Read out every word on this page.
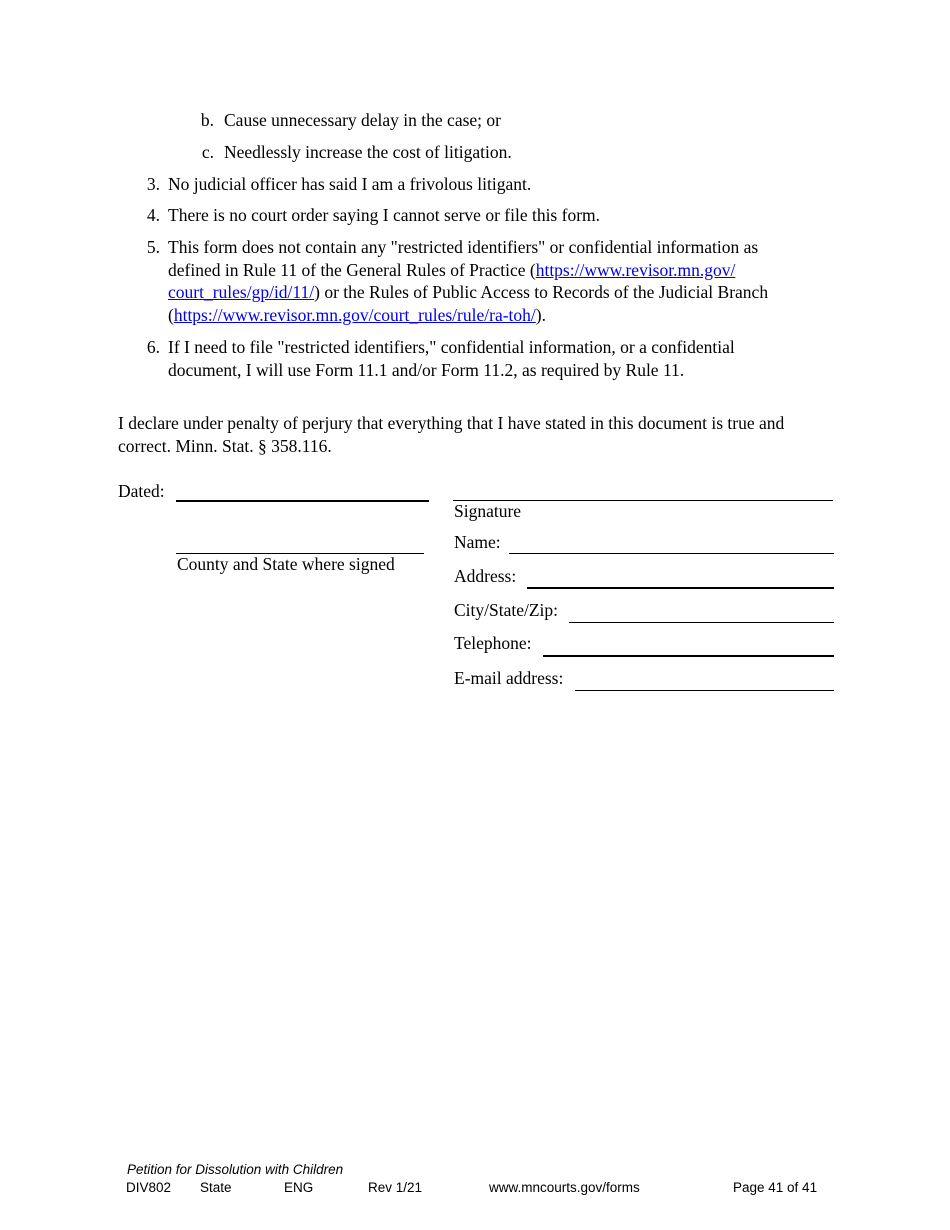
b. Cause unnecessary delay in the case; or
c. Needlessly increase the cost of litigation.
3. No judicial officer has said I am a frivolous litigant.
4. There is no court order saying I cannot serve or file this form.
5. This form does not contain any "restricted identifiers" or confidential information as
defined in Rule 11 of the General Rules of Practice (https://www.revisor.mn.gov/
court_rules/gp/id/11/) or the Rules of Public Access to Records of the Judicial Branch
(https://www.revisor.mn.gov/court_rules/rule/ra-toh/).
6. If I need to file "restricted identifiers," confidential information, or a confidential
document, I will use Form 11.1 and/or Form 11.2, as required by Rule 11.
I declare under penalty of perjury that everything that I have stated in this document is true and
correct. Minn. Stat. § 358.116.
Dated:
County and State where signed
Signature
Name:
Address:
City/State/Zip:
Telephone:
E-mail address:
Petition for Dissolution with Children
DIV802 State	ENG	Rev 1/21	www.mncourts.gov/forms	Page 41 of 41
